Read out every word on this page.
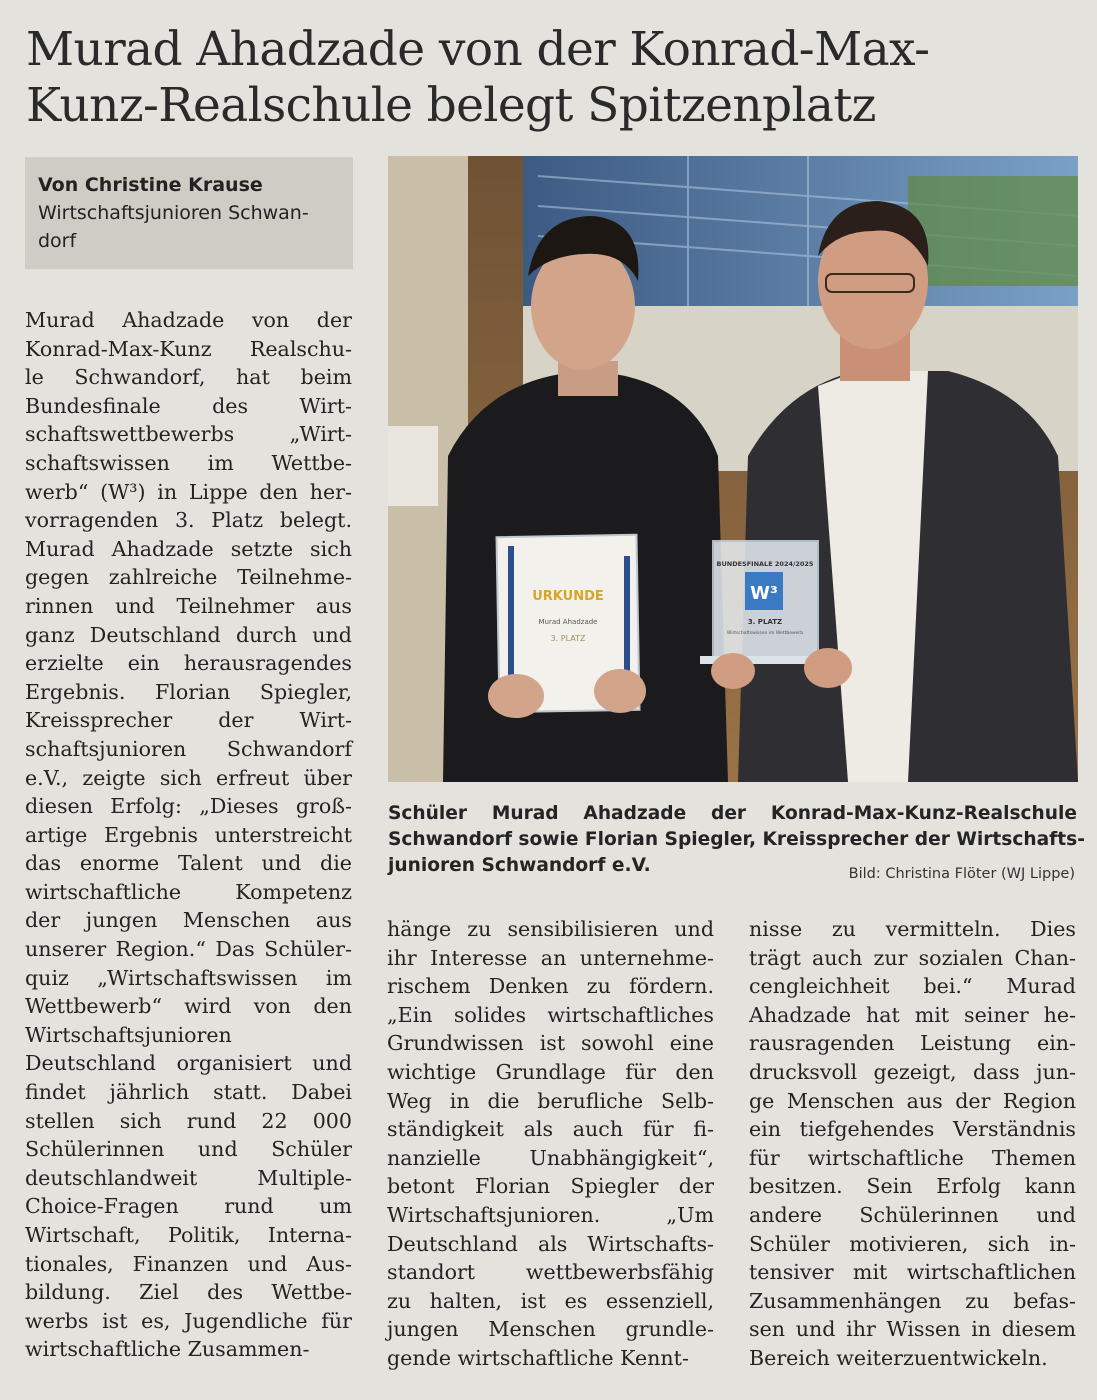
Murad Ahadzade von der Konrad-Max-
Kunz-Realschule belegt Spitzenplatz
Von Christine Krause
Wirtschaftsjunioren Schwan-
dorf
Murad Ahadzade von der
Konrad-Max-Kunz Realschu-
le Schwandorf, hat beim
Bundesfinale des Wirt-
schaftswettbewerbs „Wirt-
schaftswissen im Wettbe-
werb“ (W³) in Lippe den her-
vorragenden 3. Platz belegt.
Murad Ahadzade setzte sich
gegen zahlreiche Teilnehme-
rinnen und Teilnehmer aus
ganz Deutschland durch und
erzielte ein herausragendes
Ergebnis. Florian Spiegler,
Kreissprecher der Wirt-
schaftsjunioren Schwandorf
e.V., zeigte sich erfreut über
diesen Erfolg: „Dieses groß-
artige Ergebnis unterstreicht
das enorme Talent und die
wirtschaftliche Kompetenz
der jungen Menschen aus
unserer Region.“ Das Schüler-
quiz „Wirtschaftswissen im
Wettbewerb“ wird von den
Wirtschaftsjunioren
Deutschland organisiert und
findet jährlich statt. Dabei
stellen sich rund 22 000
Schülerinnen und Schüler
deutschlandweit Multiple-
Choice-Fragen rund um
Wirtschaft, Politik, Interna-
tionales, Finanzen und Aus-
bildung. Ziel des Wettbe-
werbs ist es, Jugendliche für
wirtschaftliche Zusammen-
URKUNDE
Murad Ahadzade
3. PLATZ
BUNDESFINALE 2024/2025
W³
3. PLATZ
Wirtschaftswissen im Wettbewerb
Schüler Murad Ahadzade der Konrad-Max-Kunz-Realschule
Schwandorf sowie Florian Spiegler, Kreissprecher der Wirtschafts-
junioren Schwandorf e.V.	Bild: Christina Flöter (WJ Lippe)
hänge zu sensibilisieren und
ihr Interesse an unternehme-
rischem Denken zu fördern.
„Ein solides wirtschaftliches
Grundwissen ist sowohl eine
wichtige Grundlage für den
Weg in die berufliche Selb-
ständigkeit als auch für fi-
nanzielle Unabhängigkeit“,
betont Florian Spiegler der
Wirtschaftsjunioren. „Um
Deutschland als Wirtschafts-
standort wettbewerbsfähig
zu halten, ist es essenziell,
jungen Menschen grundle-
gende wirtschaftliche Kennt-
nisse zu vermitteln. Dies
trägt auch zur sozialen Chan-
cengleichheit bei.“ Murad
Ahadzade hat mit seiner he-
rausragenden Leistung ein-
drucksvoll gezeigt, dass jun-
ge Menschen aus der Region
ein tiefgehendes Verständnis
für wirtschaftliche Themen
besitzen. Sein Erfolg kann
andere Schülerinnen und
Schüler motivieren, sich in-
tensiver mit wirtschaftlichen
Zusammenhängen zu befas-
sen und ihr Wissen in diesem
Bereich weiterzuentwickeln.
